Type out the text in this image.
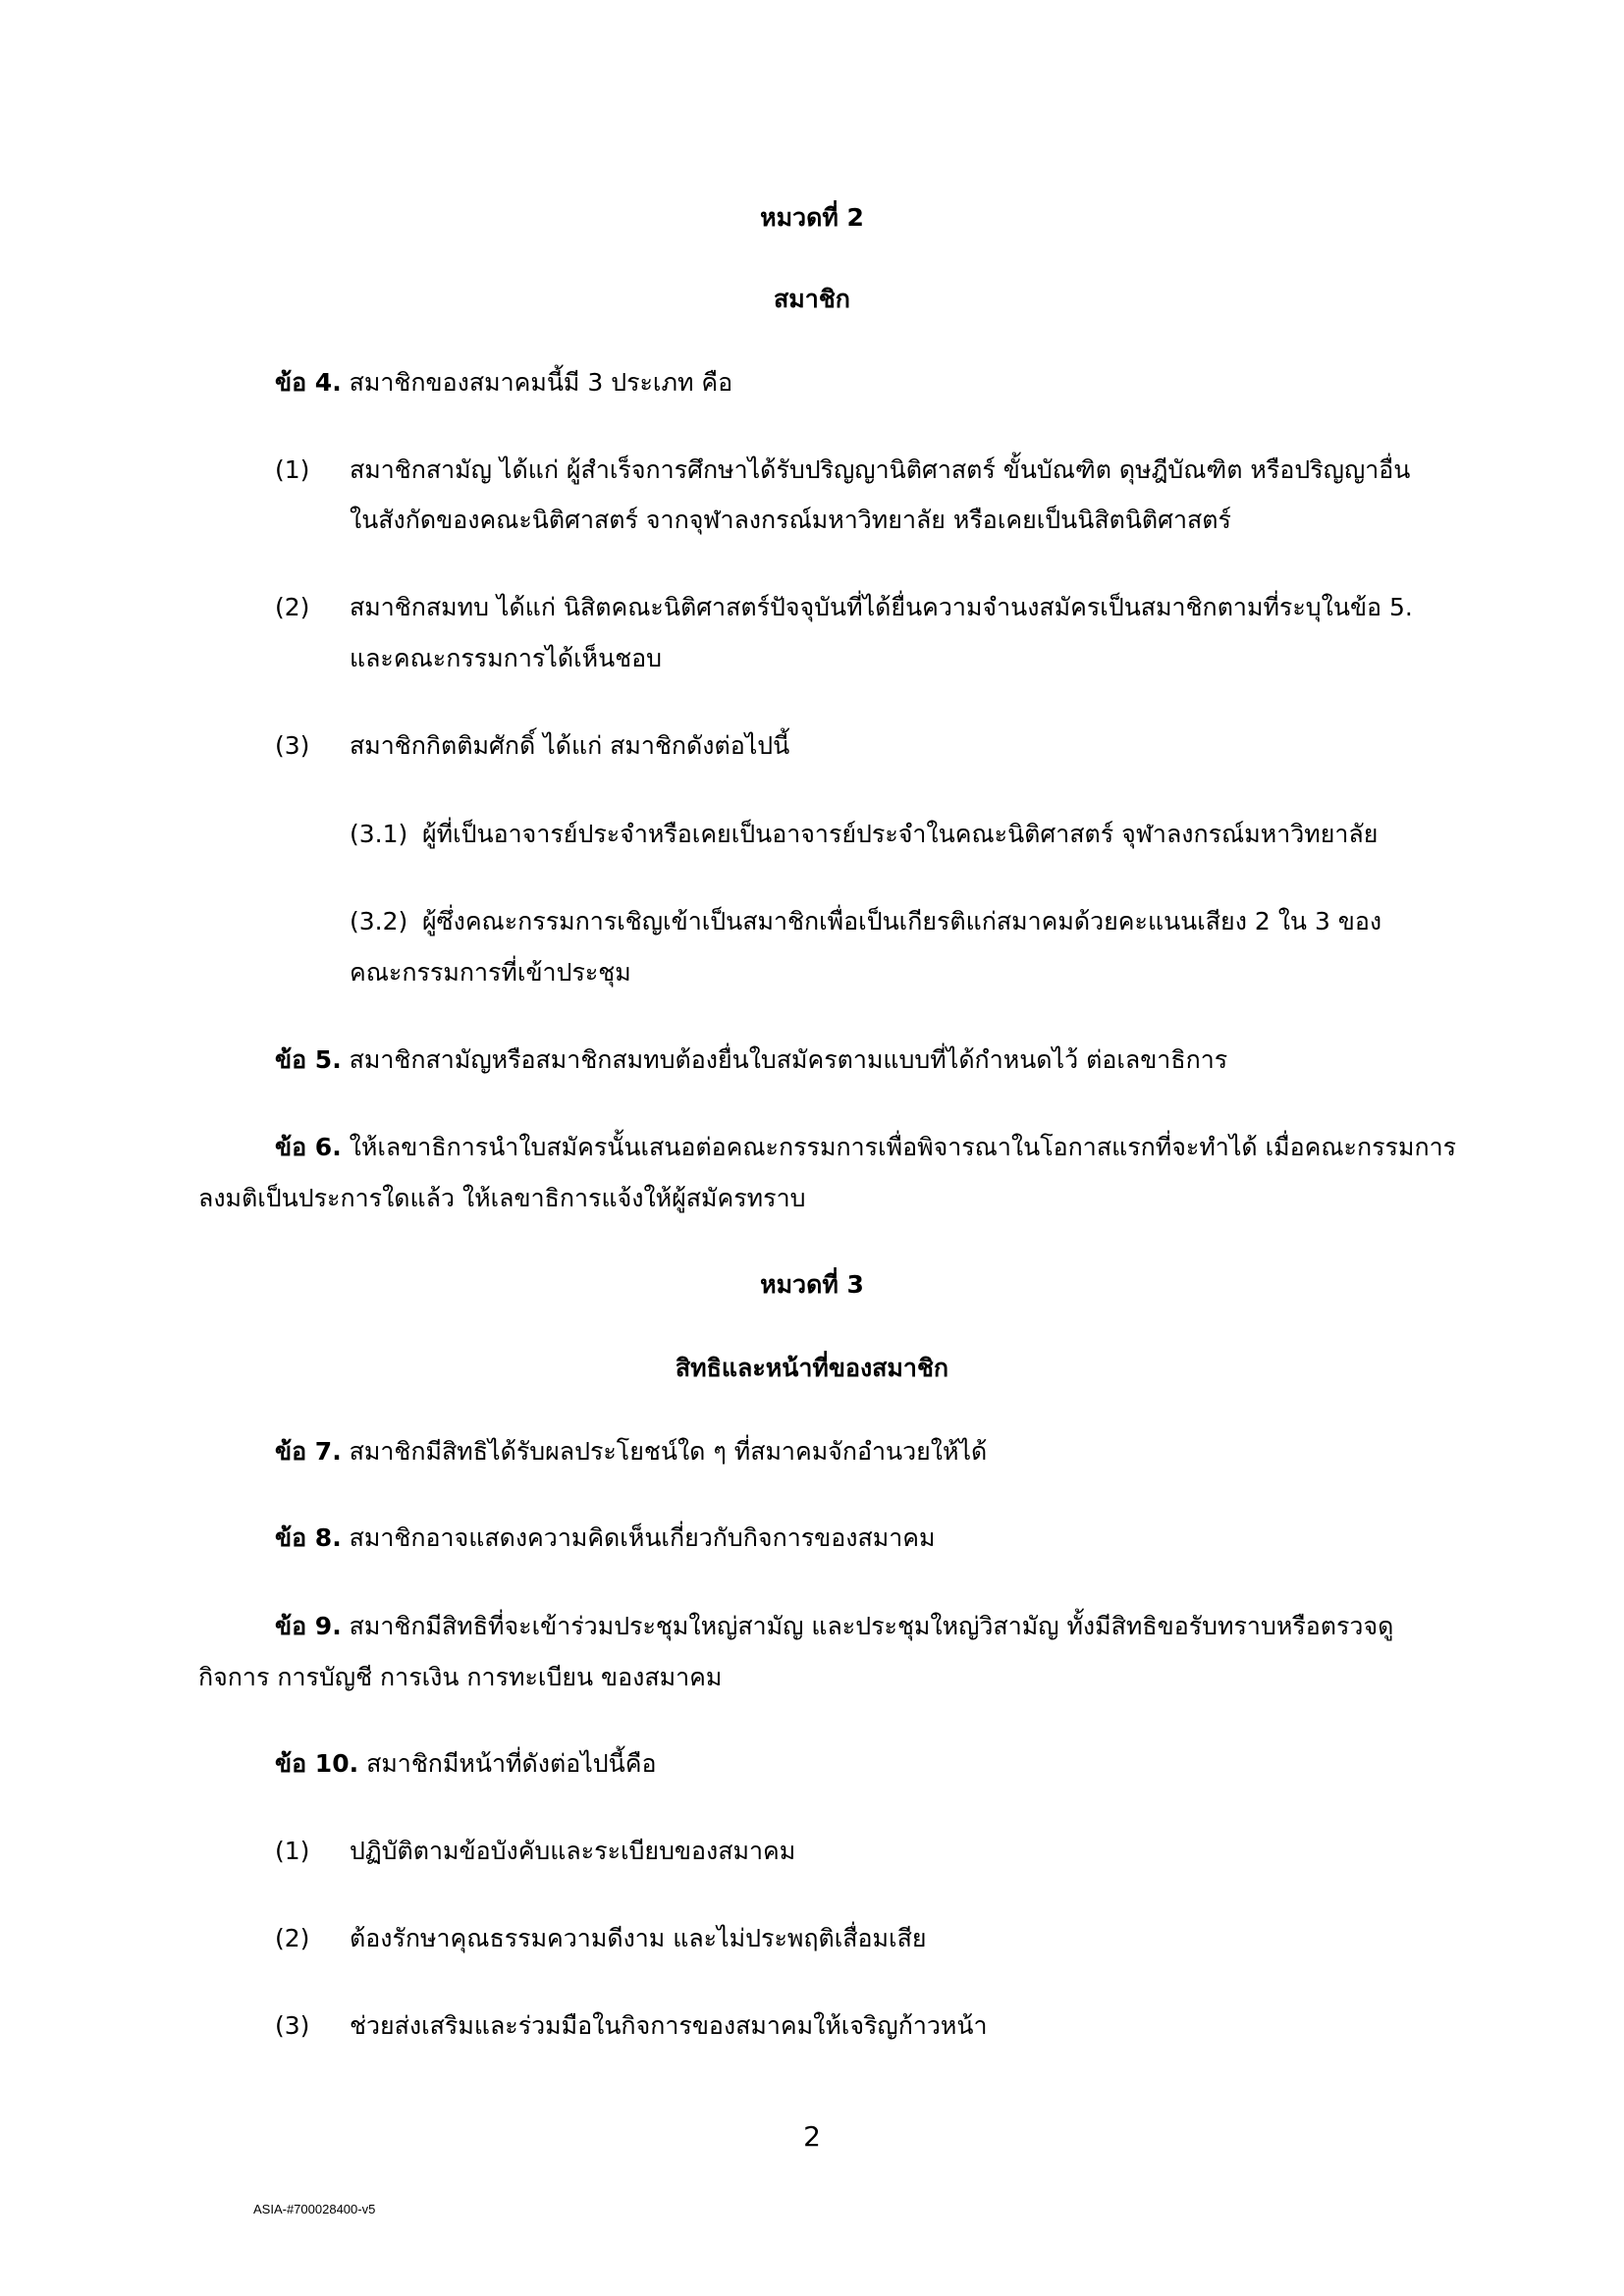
หมวดที่ 2
สมาชิก
ข้อ 4. สมาชิกของสมาคมนี้มี 3 ประเภท คือ
(1) สมาชิกสามัญ ได้แก่ ผู้สำเร็จการศึกษาได้รับปริญญานิติศาสตร์ ขั้นบัณฑิต ดุษฎีบัณฑิต หรือปริญญาอื่น
ในสังกัดของคณะนิติศาสตร์ จากจุฬาลงกรณ์มหาวิทยาลัย หรือเคยเป็นนิสิตนิติศาสตร์
(2) สมาชิกสมทบ ได้แก่ นิสิตคณะนิติศาสตร์ปัจจุบันที่ได้ยื่นความจำนงสมัครเป็นสมาชิกตามที่ระบุในข้อ 5.
และคณะกรรมการได้เห็นชอบ
(3) สมาชิกกิตติมศักดิ์ ได้แก่ สมาชิกดังต่อไปนี้
(3.1) ผู้ที่เป็นอาจารย์ประจำหรือเคยเป็นอาจารย์ประจำในคณะนิติศาสตร์ จุฬาลงกรณ์มหาวิทยาลัย
(3.2) ผู้ซึ่งคณะกรรมการเชิญเข้าเป็นสมาชิกเพื่อเป็นเกียรติแก่สมาคมด้วยคะแนนเสียง 2 ใน 3 ของ
คณะกรรมการที่เข้าประชุม
ข้อ 5. สมาชิกสามัญหรือสมาชิกสมทบต้องยื่นใบสมัครตามแบบที่ได้กำหนดไว้ ต่อเลขาธิการ
ข้อ 6. ให้เลขาธิการนำใบสมัครนั้นเสนอต่อคณะกรรมการเพื่อพิจารณาในโอกาสแรกที่จะทำได้ เมื่อคณะกรรมการ
ลงมติเป็นประการใดแล้ว ให้เลขาธิการแจ้งให้ผู้สมัครทราบ
หมวดที่ 3
สิทธิและหน้าที่ของสมาชิก
ข้อ 7. สมาชิกมีสิทธิได้รับผลประโยชน์ใด ๆ ที่สมาคมจักอำนวยให้ได้
ข้อ 8. สมาชิกอาจแสดงความคิดเห็นเกี่ยวกับกิจการของสมาคม
ข้อ 9. สมาชิกมีสิทธิที่จะเข้าร่วมประชุมใหญ่สามัญ และประชุมใหญ่วิสามัญ ทั้งมีสิทธิขอรับทราบหรือตรวจดู
กิจการ การบัญชี การเงิน การทะเบียน ของสมาคม
ข้อ 10. สมาชิกมีหน้าที่ดังต่อไปนี้คือ
(1) ปฏิบัติตามข้อบังคับและระเบียบของสมาคม
(2) ต้องรักษาคุณธรรมความดีงาม และไม่ประพฤติเสื่อมเสีย
(3) ช่วยส่งเสริมและร่วมมือในกิจการของสมาคมให้เจริญก้าวหน้า
2
ASIA-#700028400-v5
